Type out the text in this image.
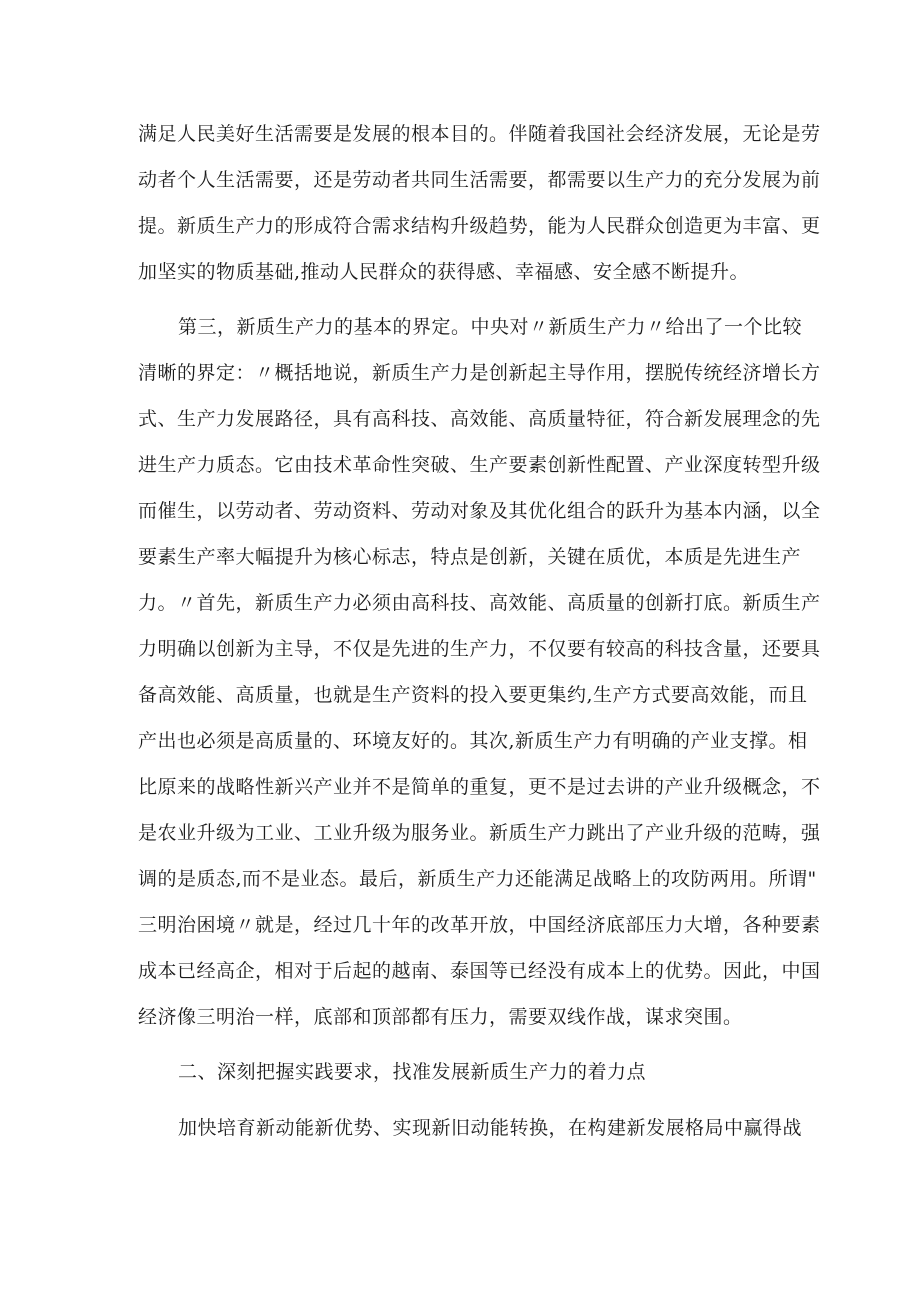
满足人民美好生活需要是发展的根本目的。伴随着我国社会经济发展，无论是劳
动者个人生活需要，还是劳动者共同生活需要，都需要以生产力的充分发展为前
提。新质生产力的形成符合需求结构升级趋势，能为人民群众创造更为丰富、更
加坚实的物质基础,推动人民群众的获得感、幸福感、安全感不断提升。
第三，新质生产力的基本的界定。中央对〃新质生产力〃给出了一个比较
清晰的界定：〃概括地说，新质生产力是创新起主导作用，摆脱传统经济增长方
式、生产力发展路径，具有高科技、高效能、高质量特征，符合新发展理念的先
进生产力质态。它由技术革命性突破、生产要素创新性配置、产业深度转型升级
而催生，以劳动者、劳动资料、劳动对象及其优化组合的跃升为基本内涵，以全
要素生产率大幅提升为核心标志，特点是创新，关键在质优，本质是先进生产
力。〃首先，新质生产力必须由高科技、高效能、高质量的创新打底。新质生产
力明确以创新为主导，不仅是先进的生产力，不仅要有较高的科技含量，还要具
备高效能、高质量，也就是生产资料的投入要更集约,生产方式要高效能，而且
产出也必须是高质量的、环境友好的。其次,新质生产力有明确的产业支撑。相
比原来的战略性新兴产业并不是简单的重复，更不是过去讲的产业升级概念，不
是农业升级为工业、工业升级为服务业。新质生产力跳出了产业升级的范畴，强
调的是质态,而不是业态。最后，新质生产力还能满足战略上的攻防两用。所谓"
三明治困境〃就是，经过几十年的改革开放，中国经济底部压力大增，各种要素
成本已经高企，相对于后起的越南、泰国等已经没有成本上的优势。因此，中国
经济像三明治一样，底部和顶部都有压力，需要双线作战，谋求突围。
二、深刻把握实践要求，找准发展新质生产力的着力点
加快培育新动能新优势、实现新旧动能转换，在构建新发展格局中赢得战
